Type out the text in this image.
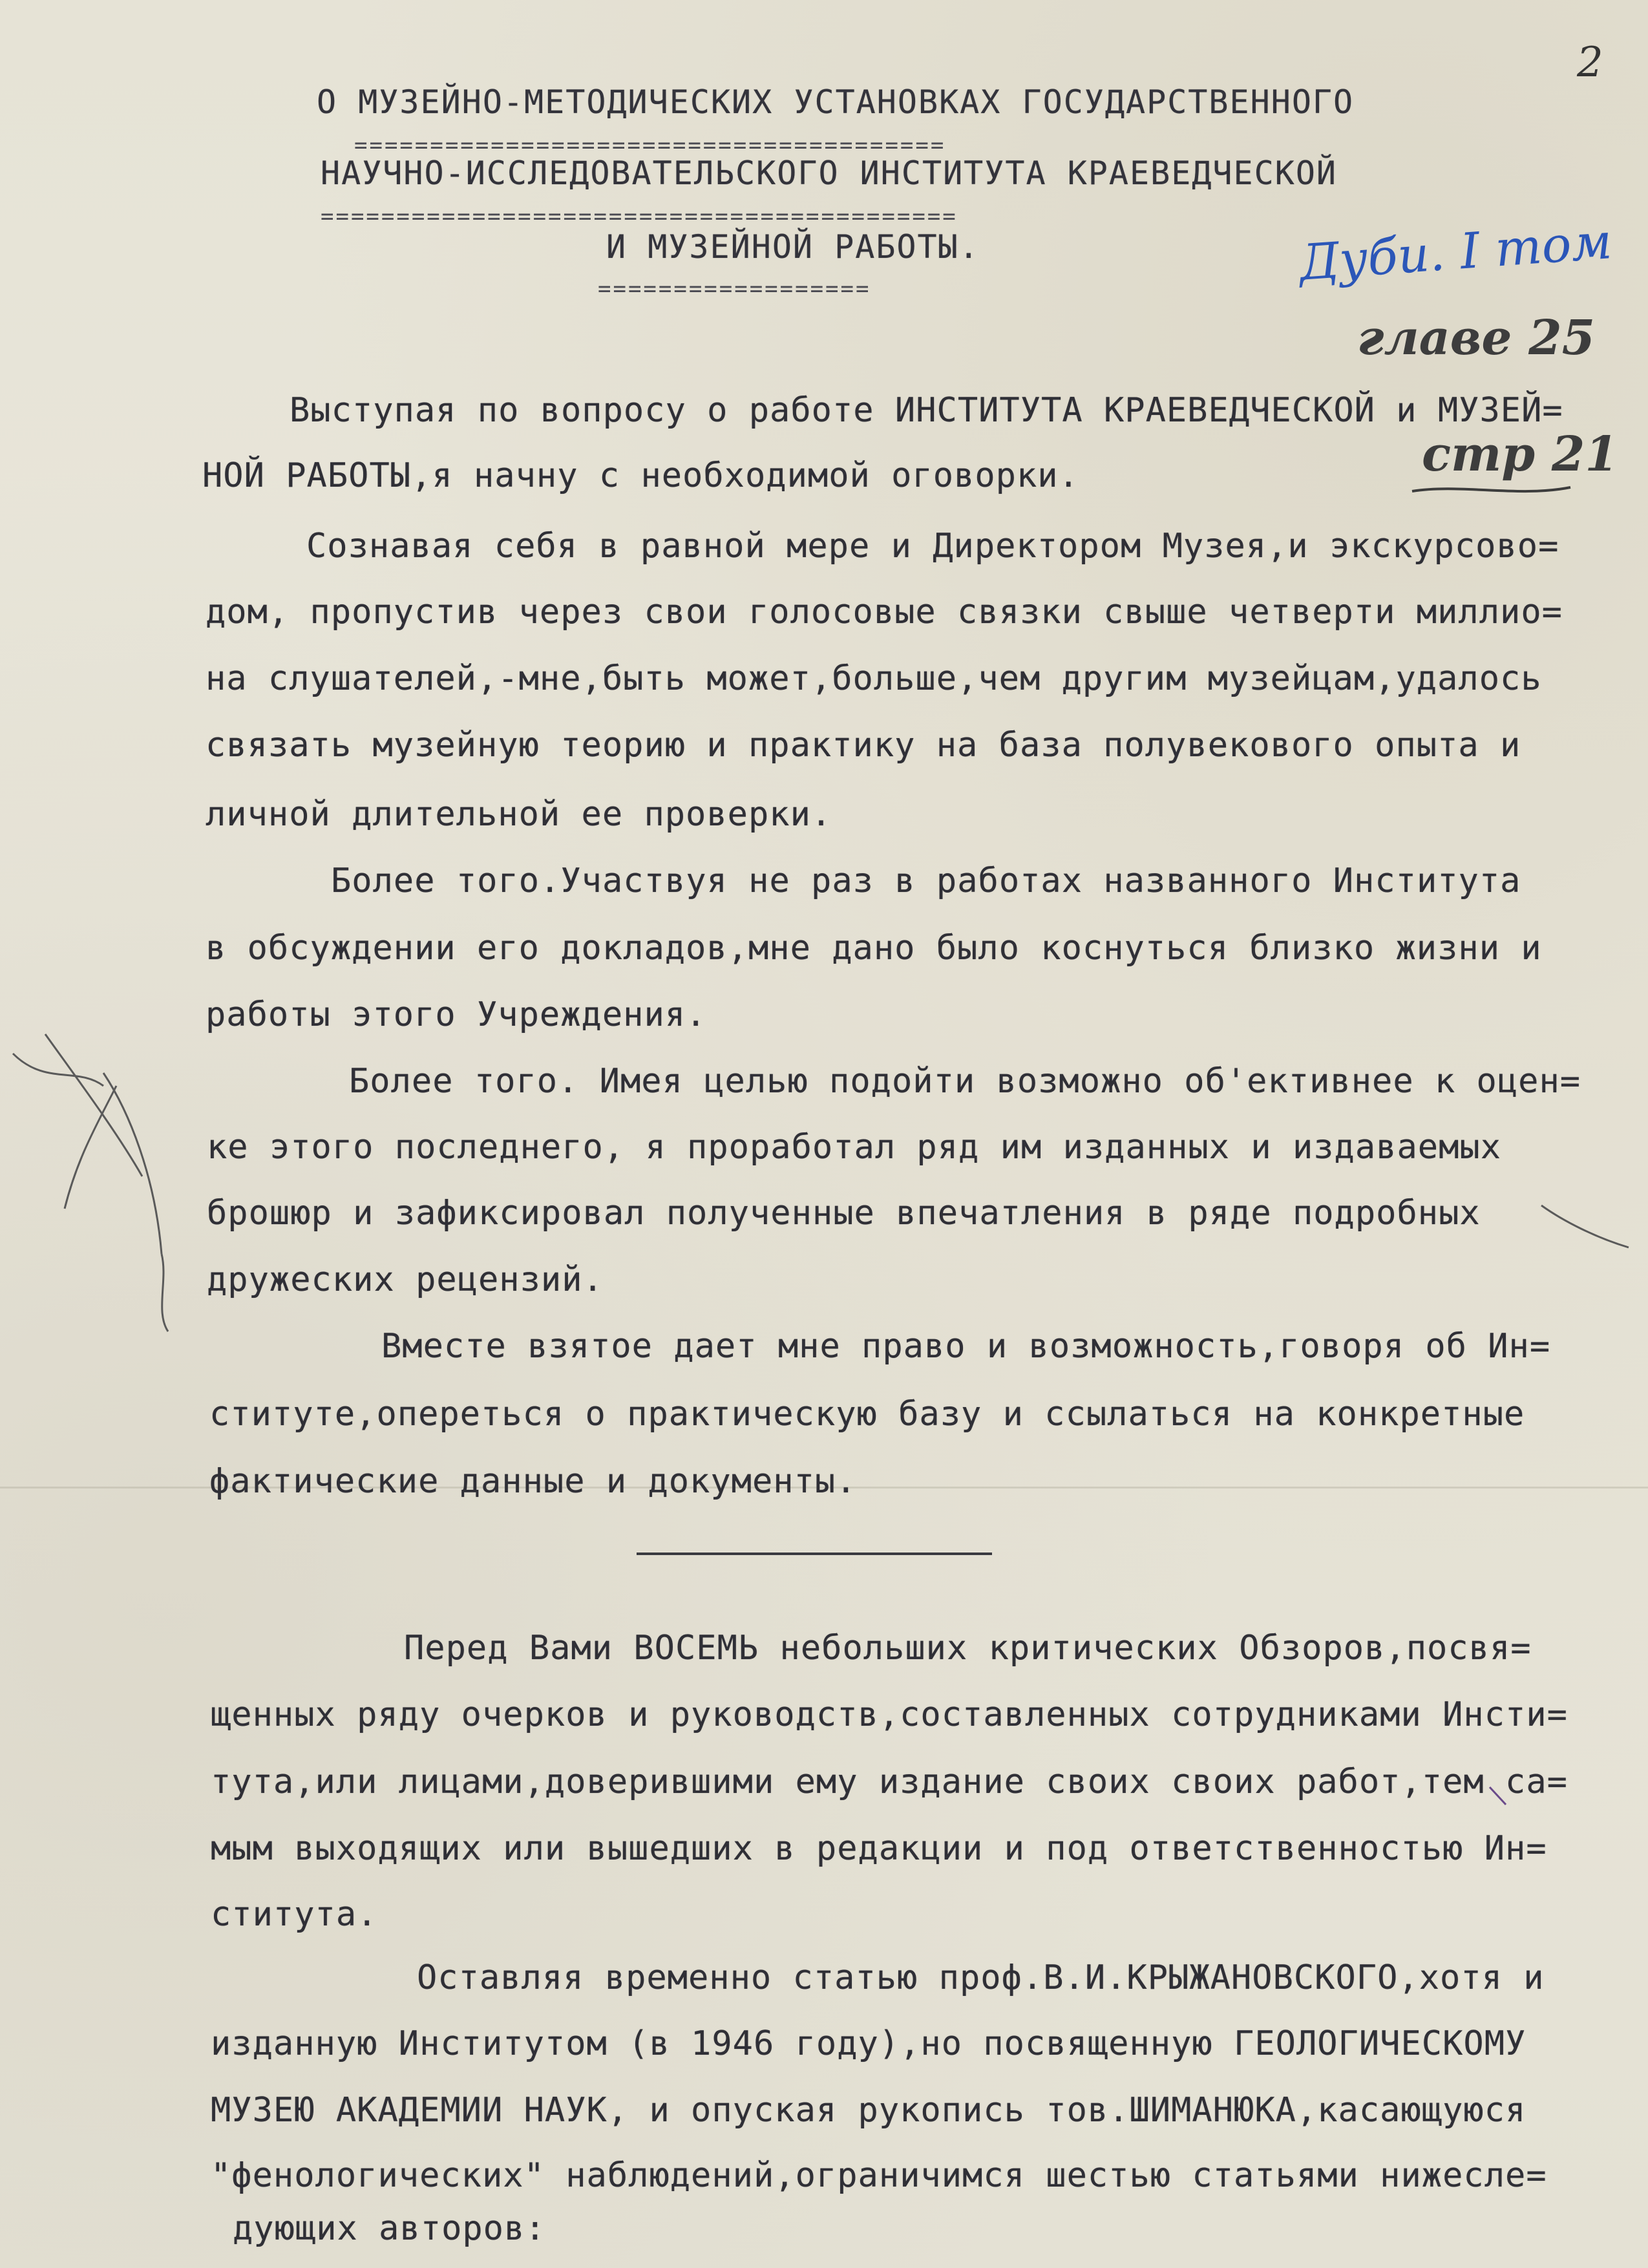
2
О МУЗЕЙНО-МЕТОДИЧЕСКИХ УСТАНОВКАХ ГОСУДАРСТВЕННОГО
=======================================
НАУЧНО-ИССЛЕДОВАТЕЛЬСКОГО ИНСТИТУТА КРАЕВЕДЧЕСКОЙ
==========================================
И МУЗЕЙНОЙ РАБОТЫ.
==================	Дуби. I том
главе 25
стр 21
Выступая по вопросу о работе ИНСТИТУТА КРАЕВЕДЧЕСКОЙ и МУЗЕЙ=
НОЙ РАБОТЫ,я начну с необходимой оговорки.
Сознавая себя в равной мере и Директором Музея,и экскурсово=
дом, пропустив через свои голосовые связки свыше четверти миллио=
на слушателей,-мне,быть может,больше,чем другим музейцам,удалось
связать музейную теорию и практику на база полувекового опыта и
личной длительной ее проверки.
Более того.Участвуя не раз в работах названного Института
в обсуждении его докладов,мне дано было коснуться близко жизни и
работы этого Учреждения.
Более того. Имея целью подойти возможно об'ективнее к оцен=
ке этого последнего, я проработал ряд им изданных и издаваемых
брошюр и зафиксировал полученные впечатления в ряде подробных
дружеских рецензий.
Вместе взятое дает мне право и возможность,говоря об Ин=
ституте,опереться о практическую базу и ссылаться на конкретные
фактические данные и документы.
Перед Вами ВОСЕМЬ небольших критических Обзоров,посвя=
щенных ряду очерков и руководств,составленных сотрудниками Инсти=
тута,или лицами,доверившими ему издание своих своих работ,тем са=
мым выходящих или вышедших в редакции и под ответственностью Ин=
ститута.
Оставляя временно статью проф.В.И.КРЫЖАНОВСКОГО,хотя и
изданную Институтом (в 1946 году),но посвященную ГЕОЛОГИЧЕСКОМУ
МУЗЕЮ АКАДЕМИИ НАУК, и опуская рукопись тов.ШИМАНЮКА,касающуюся
"фенологических" наблюдений,ограничимся шестью статьями нижесле=
дующих авторов:
